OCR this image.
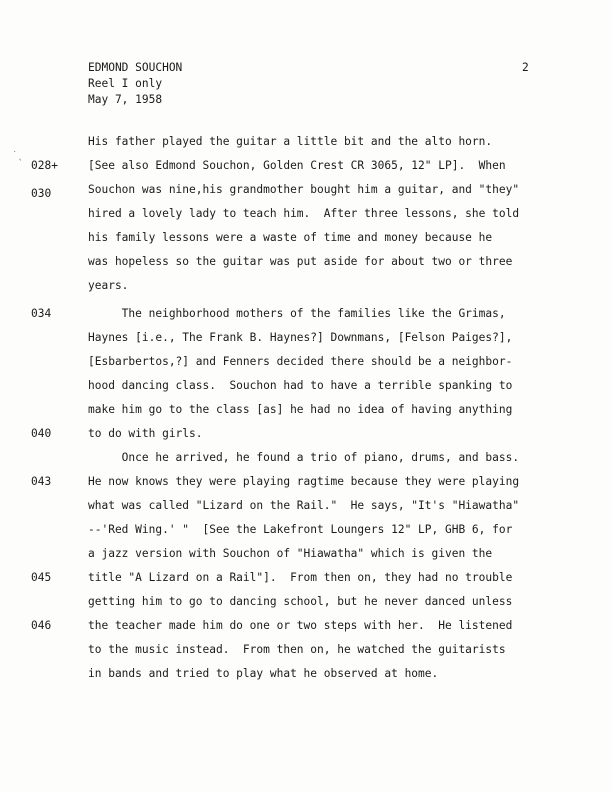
EDMOND SOUCHON
Reel I only
May 7, 1958
2
˙ˎ
028+
030
034
040
043
045
046
His father played the guitar a little bit and the alto horn.
[See also Edmond Souchon, Golden Crest CR 3065, 12" LP].  When
Souchon was nine,his grandmother bought him a guitar, and "they"
hired a lovely lady to teach him.  After three lessons, she told
his family lessons were a waste of time and money because he
was hopeless so the guitar was put aside for about two or three
years.
The neighborhood mothers of the families like the Grimas,
Haynes [i.e., The Frank B. Haynes?] Downmans, [Felson Paiges?],
[Esbarbertos,?] and Fenners decided there should be a neighbor-
hood dancing class.  Souchon had to have a terrible spanking to
make him go to the class [as] he had no idea of having anything
to do with girls.
Once he arrived, he found a trio of piano, drums, and bass.
He now knows they were playing ragtime because they were playing
what was called "Lizard on the Rail."  He says, "It's "Hiawatha"
--'Red Wing.' "  [See the Lakefront Loungers 12" LP, GHB 6, for
a jazz version with Souchon of "Hiawatha" which is given the
title "A Lizard on a Rail"].  From then on, they had no trouble
getting him to go to dancing school, but he never danced unless
the teacher made him do one or two steps with her.  He listened
to the music instead.  From then on, he watched the guitarists
in bands and tried to play what he observed at home.
